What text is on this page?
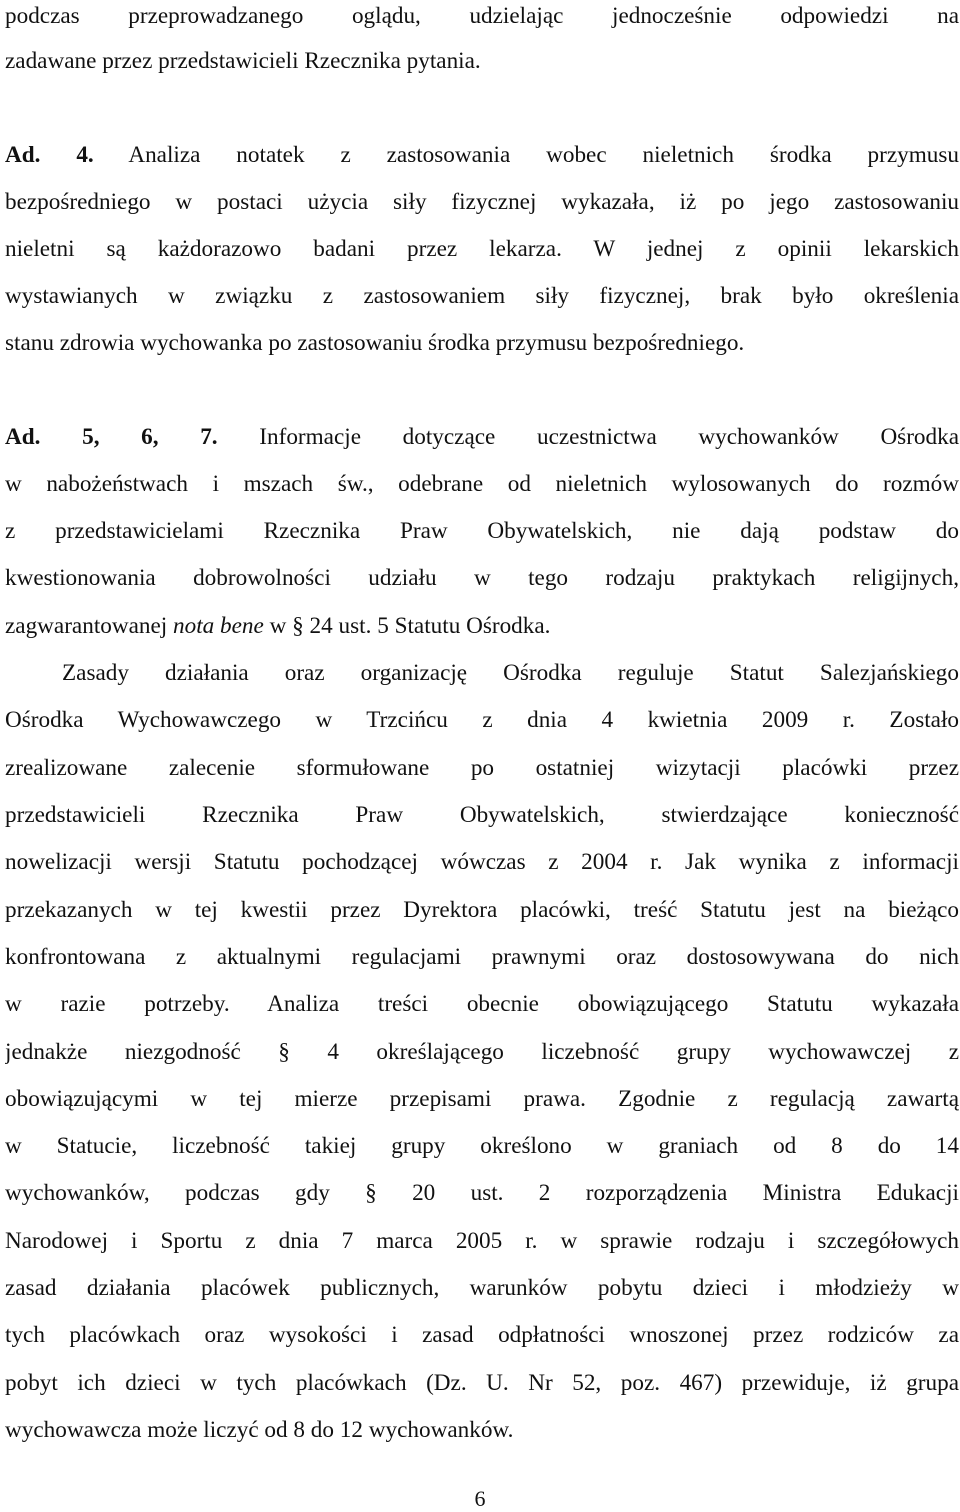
podczas przeprowadzanego oglądu, udzielając jednocześnie odpowiedzi na
zadawane przez przedstawicieli Rzecznika pytania.
Ad. 4. Analiza notatek z zastosowania wobec nieletnich środka przymusu
bezpośredniego w postaci użycia siły fizycznej wykazała, iż po jego zastosowaniu
nieletni są każdorazowo badani przez lekarza. W jednej z opinii lekarskich
wystawianych w związku z zastosowaniem siły fizycznej, brak było określenia
stanu zdrowia wychowanka po zastosowaniu środka przymusu bezpośredniego.
Ad. 5, 6, 7. Informacje dotyczące uczestnictwa wychowanków Ośrodka
w nabożeństwach i mszach św., odebrane od nieletnich wylosowanych do rozmów
z przedstawicielami Rzecznika Praw Obywatelskich, nie dają podstaw do
kwestionowania dobrowolności udziału w tego rodzaju praktykach religijnych,
zagwarantowanej nota bene w § 24 ust. 5 Statutu Ośrodka.
Zasady działania oraz organizację Ośrodka reguluje Statut Salezjańskiego
Ośrodka Wychowawczego w Trzcińcu z dnia 4 kwietnia 2009 r. Zostało
zrealizowane zalecenie sformułowane po ostatniej wizytacji placówki przez
przedstawicieli Rzecznika Praw Obywatelskich, stwierdzające konieczność
nowelizacji wersji Statutu pochodzącej wówczas z 2004 r. Jak wynika z informacji
przekazanych w tej kwestii przez Dyrektora placówki, treść Statutu jest na bieżąco
konfrontowana z aktualnymi regulacjami prawnymi oraz dostosowywana do nich
w razie potrzeby. Analiza treści obecnie obowiązującego Statutu wykazała
jednakże niezgodność § 4 określającego liczebność grupy wychowawczej z
obowiązującymi w tej mierze przepisami prawa. Zgodnie z regulacją zawartą
w Statucie, liczebność takiej grupy określono w graniach od 8 do 14
wychowanków, podczas gdy § 20 ust. 2 rozporządzenia Ministra Edukacji
Narodowej i Sportu z dnia 7 marca 2005 r. w sprawie rodzaju i szczegółowych
zasad działania placówek publicznych, warunków pobytu dzieci i młodzieży w
tych placówkach oraz wysokości i zasad odpłatności wnoszonej przez rodziców za
pobyt ich dzieci w tych placówkach (Dz. U. Nr 52, poz. 467) przewiduje, iż grupa
wychowawcza może liczyć od 8 do 12 wychowanków.
6
